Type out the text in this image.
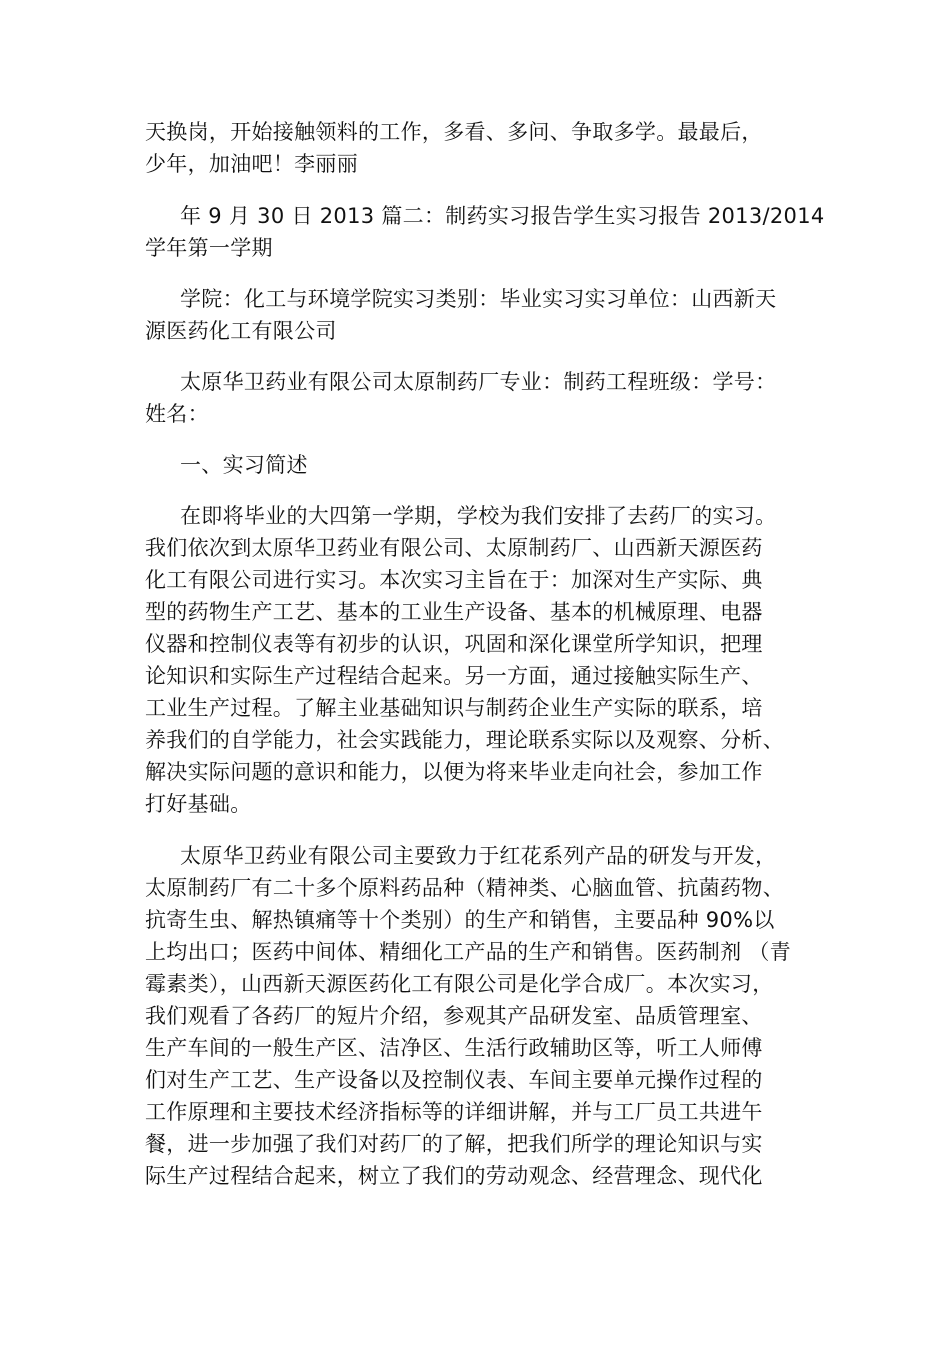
天换岗，开始接触领料的工作，多看、多问、争取多学。最最后，
少年，加油吧！李丽丽
年 9 月 30 日 2013 篇二：制药实习报告学生实习报告 2013/2014
学年第一学期
学院：化工与环境学院实习类别：毕业实习实习单位：山西新天
源医药化工有限公司
太原华卫药业有限公司太原制药厂专业：制药工程班级：学号：
姓名：
一、实习简述
在即将毕业的大四第一学期，学校为我们安排了去药厂的实习。
我们依次到太原华卫药业有限公司、太原制药厂、山西新天源医药
化工有限公司进行实习。本次实习主旨在于：加深对生产实际、典
型的药物生产工艺、基本的工业生产设备、基本的机械原理、电器
仪器和控制仪表等有初步的认识，巩固和深化课堂所学知识，把理
论知识和实际生产过程结合起来。另一方面，通过接触实际生产、
工业生产过程。了解主业基础知识与制药企业生产实际的联系，培
养我们的自学能力，社会实践能力，理论联系实际以及观察、分析、
解决实际问题的意识和能力，以便为将来毕业走向社会，参加工作
打好基础。
太原华卫药业有限公司主要致力于红花系列产品的研发与开发，
太原制药厂有二十多个原料药品种（精神类、心脑血管、抗菌药物、
抗寄生虫、解热镇痛等十个类别）的生产和销售，主要品种 90%以
上均出口；医药中间体、精细化工产品的生产和销售。医药制剂 （青
霉素类），山西新天源医药化工有限公司是化学合成厂。本次实习，
我们观看了各药厂的短片介绍，参观其产品研发室、品质管理室、
生产车间的一般生产区、洁净区、生活行政辅助区等，听工人师傅
们对生产工艺、生产设备以及控制仪表、车间主要单元操作过程的
工作原理和主要技术经济指标等的详细讲解，并与工厂员工共进午
餐，进一步加强了我们对药厂的了解，把我们所学的理论知识与实
际生产过程结合起来，树立了我们的劳动观念、经营理念、现代化
